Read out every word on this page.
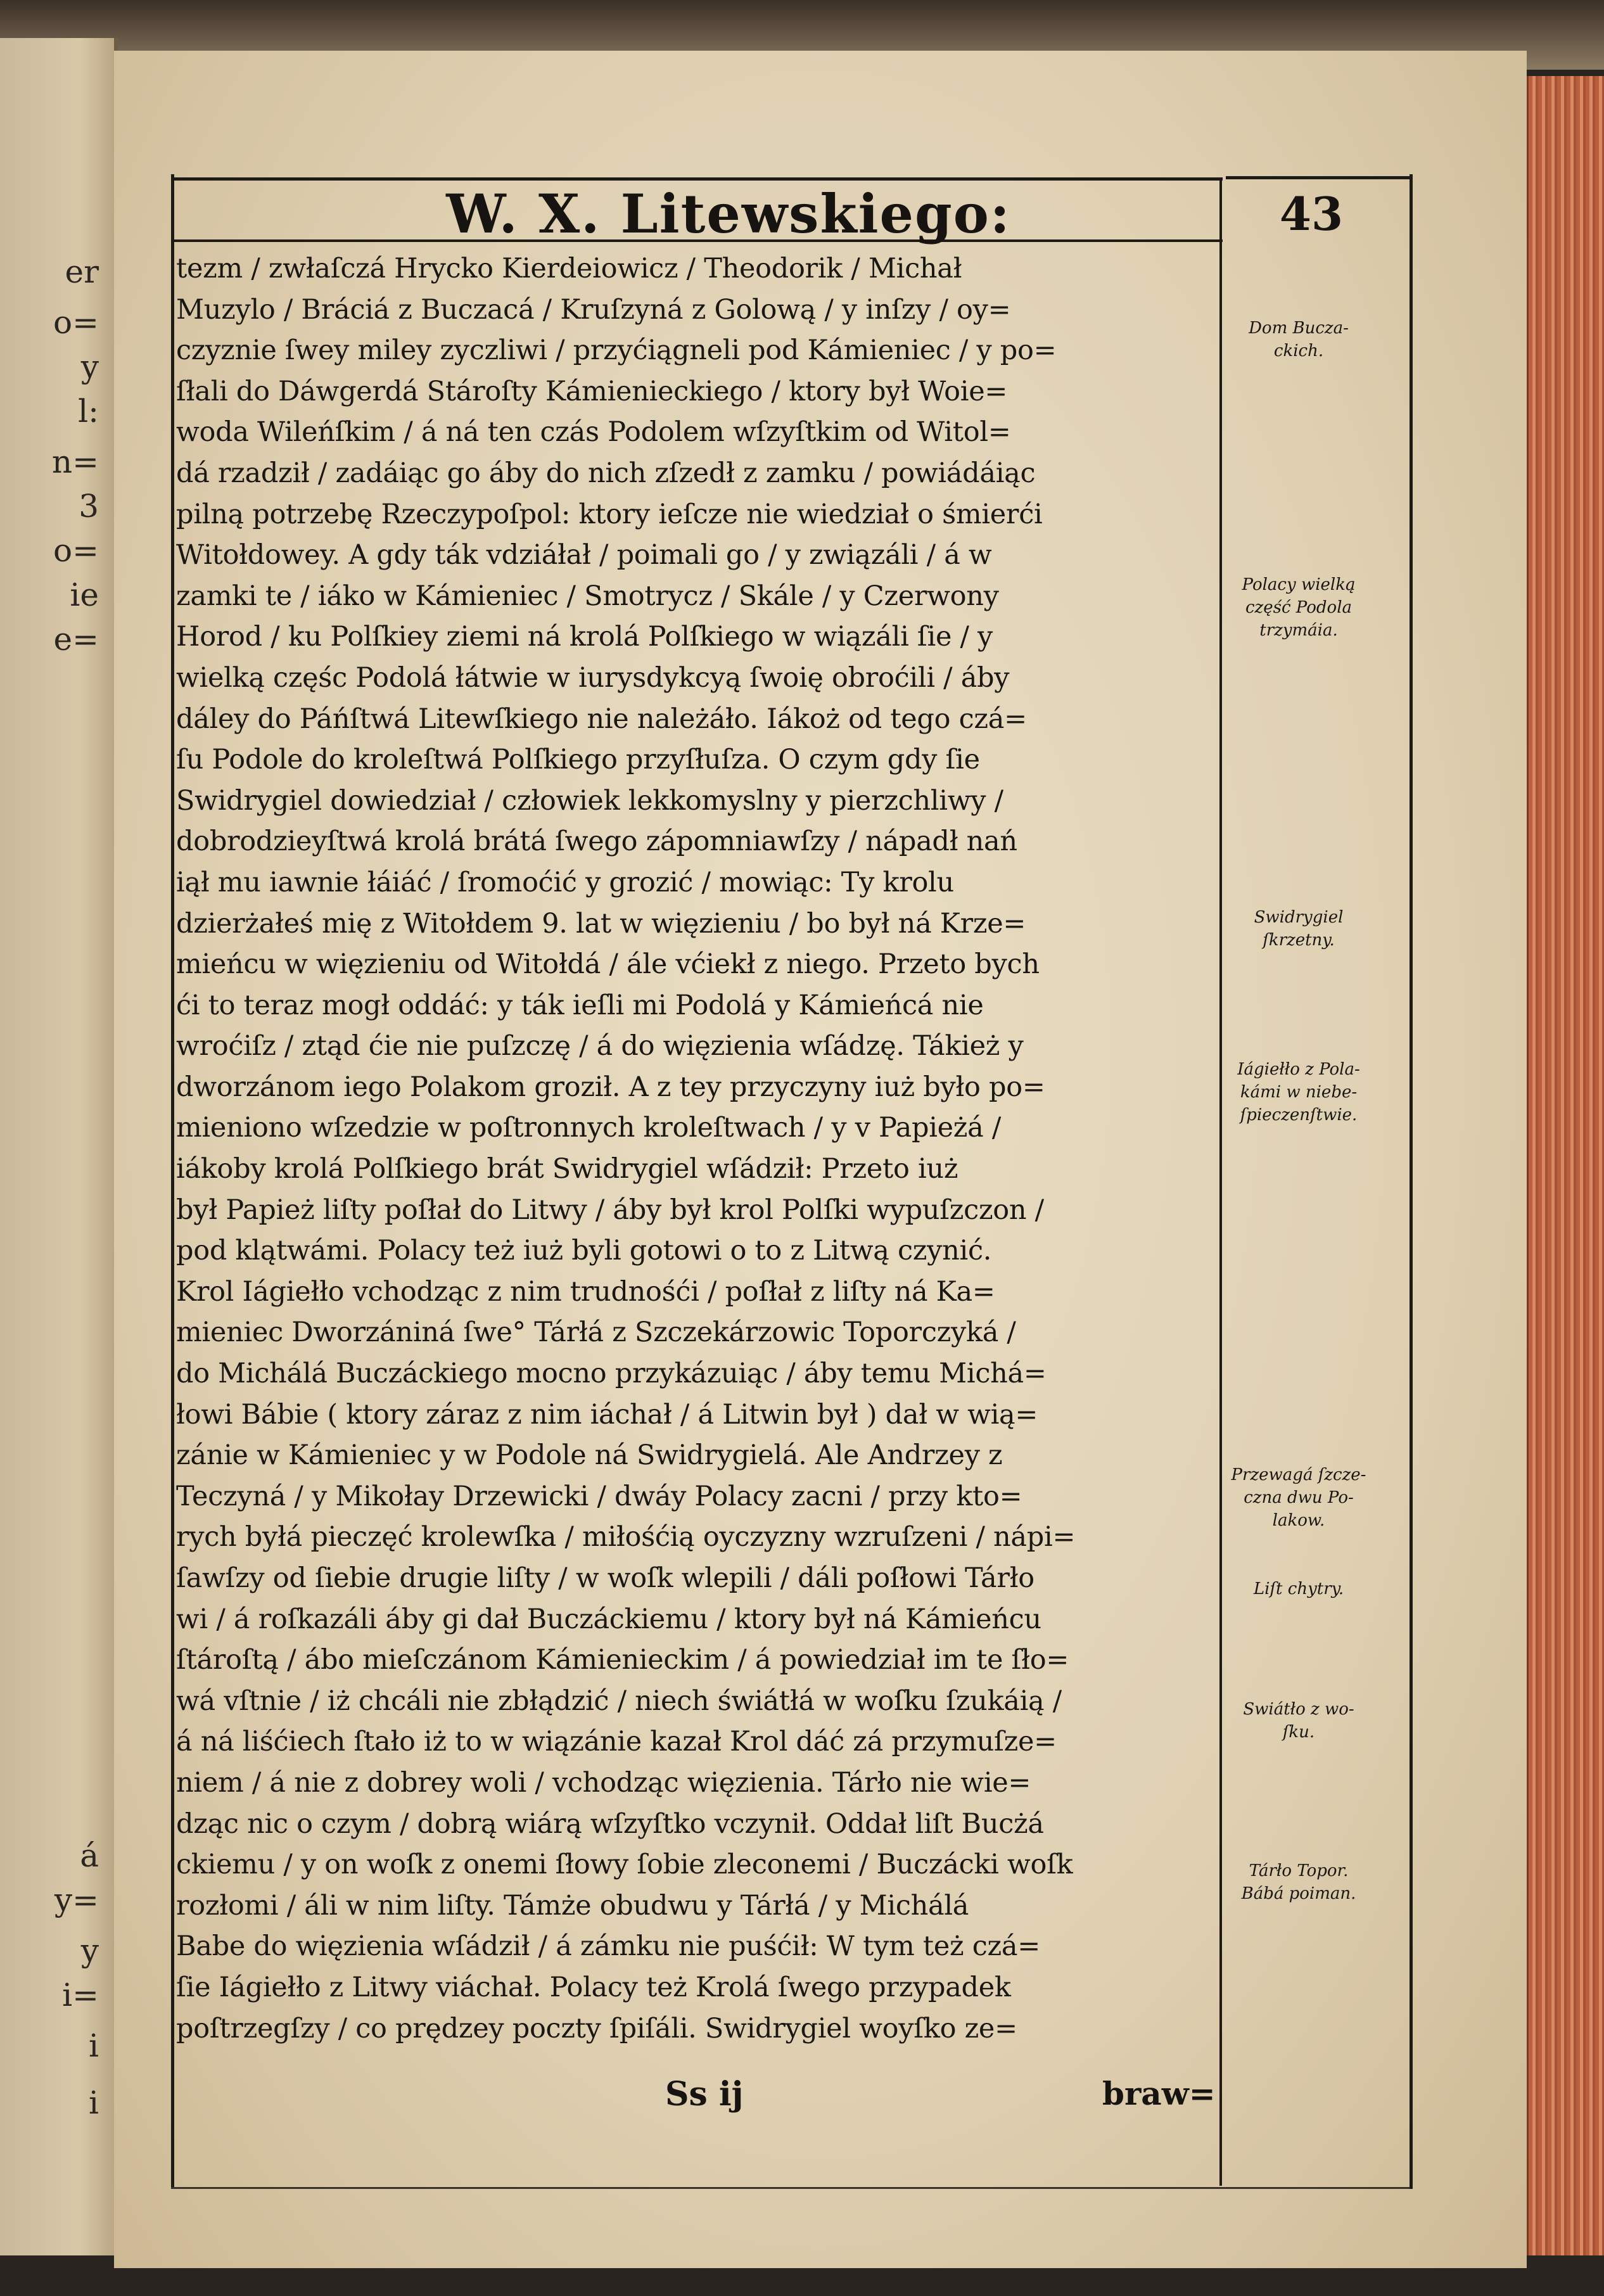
er
o=
y
l:
n=
3
o=
ie
e=
á
y=
y
i=
i
i
W. X. Litewskiego:	43
tezm / zwłaſczá Hrycko Kierdeiowicz / Theodorik / Michał
Muzylo / Bráciá z Buczacá / Kruſzyná z Golową / y inſzy / oy=
czyznie ſwey miley zyczliwi / przyćiągneli pod Kámieniec / y po=
ſłali do Dáwgerdá Stároſty Kámienieckiego / ktory był Woie=
woda Wileńſkim / á ná ten czás Podolem wſzyſtkim od Witol=
dá rzadził / zadáiąc go áby do nich zſzedł z zamku / powiádáiąc
pilną potrzebę Rzeczypoſpol: ktory ieſcze nie wiedział o śmierći
Witołdowey. A gdy ták vdziáłał / poimali go / y związáli / á w
zamki te / iáko w Kámieniec / Smotrycz / Skále / y Czerwony
Horod / ku Polſkiey ziemi ná krolá Polſkiego w wiązáli ſie / y
wielką częśc Podolá łátwie w iurysdykcyą ſwoię obroćili / áby
dáley do Páńſtwá Litewſkiego nie należáło. Iákoż od tego czá=
ſu Podole do kroleſtwá Polſkiego przyſłuſza. O czym gdy ſie
Swidrygiel dowiedział / człowiek lekkomyslny y pierzchliwy /
dobrodzieyſtwá krolá brátá ſwego zápomniawſzy / nápadł nań
iął mu iawnie łáiáć / ſromoćić y grozić / mowiąc: Ty krolu
dzierżałeś mię z Witołdem 9. lat w więzieniu / bo był ná Krze=
mieńcu w więzieniu od Witołdá / ále vćiekł z niego. Przeto bych
ći to teraz mogł oddáć: y ták ieſli mi Podolá y Kámieńcá nie
wroćiſz / ztąd ćie nie puſzczę / á do więzienia wſádzę. Tákież y
dworzánom iego Polakom groził. A z tey przyczyny iuż było po=
mieniono wſzedzie w poſtronnych kroleſtwach / y v Papieżá /
iákoby krolá Polſkiego brát Swidrygiel wſádził: Przeto iuż
był Papież liſty poſłał do Litwy / áby był krol Polſki wypuſzczon /
pod klątwámi. Polacy też iuż byli gotowi o to z Litwą czynić.
Krol Iágiełło vchodząc z nim trudnośći / poſłał z liſty ná Ka=
mieniec Dworzániná ſwe° Tárłá z Szczekárzowic Toporczyká /
do Michálá Buczáckiego mocno przykázuiąc / áby temu Michá=
łowi Bábie ( ktory záraz z nim iáchał / á Litwin był ) dał w wią=
zánie w Kámieniec y w Podole ná Swidrygielá. Ale Andrzey z
Teczyná / y Mikołay Drzewicki / dwáy Polacy zacni / przy kto=
rych byłá pieczęć krolewſka / miłośćią oyczyzny wzruſzeni / nápi=
ſawſzy od ſiebie drugie liſty / w woſk wlepili / dáli poſłowi Tárło
wi / á roſkazáli áby gi dał Buczáckiemu / ktory był ná Kámieńcu
ſtároſtą / ábo mieſczánom Kámienieckim / á powiedział im te ſło=
wá vſtnie / iż chcáli nie zbłądzić / niech świátłá w woſku ſzukáią /
á ná liśćiech ſtało iż to w wiązánie kazał Krol dáć zá przymuſze=
niem / á nie z dobrey woli / vchodząc więzienia. Tárło nie wie=
dząc nic o czym / dobrą wiárą wſzyſtko vczynił. Oddał liſt Bucżá
ckiemu / y on woſk z onemi ſłowy ſobie zleconemi / Buczácki woſk
rozłomi / áli w nim liſty. Támże obudwu y Tárłá / y Michálá
Babe do więzienia wſádził / á zámku nie puśćił: W tym też czá=
ſie Iágiełło z Litwy viáchał. Polacy też Krolá ſwego przypadek
poſtrzegſzy / co prędzey poczty ſpiſáli. Swidrygiel woyſko ze=
Dom Bucza-
ckich.
Polacy wielką
część Podola
trzymáia.
Swidrygiel
ſkrzetny.
Iágiełło z Pola-
kámi w niebe-
ſpieczenſtwie.
Przewagá ſzcze-
czna dwu Po-
lakow.
Liſt chytry.
Swiátło z wo-
ſku.
Tárło Topor.
Bábá poiman.
Ss ij	braw=
